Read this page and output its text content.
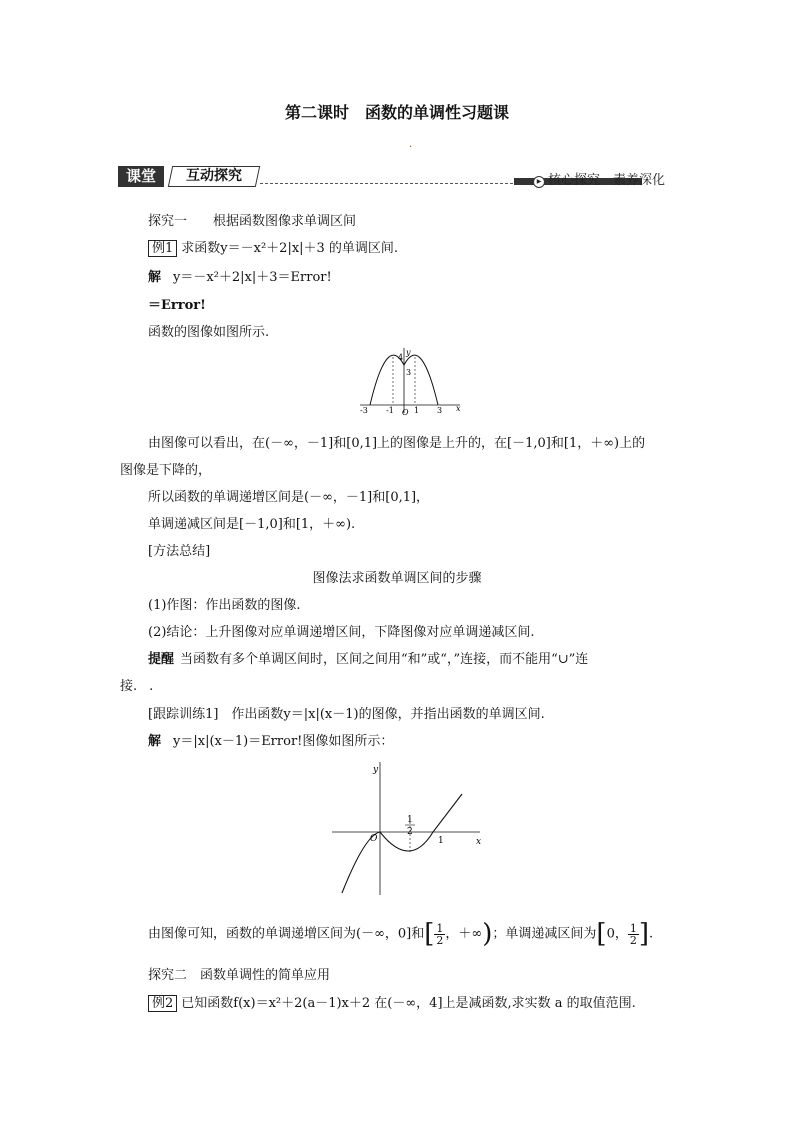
第二课时　函数的单调性习题课
·
课堂	互动探究	▶ 核心探究　素养深化
探究一　　根据函数图像求单调区间
例1 求函数y＝－x²＋2|x|＋3 的单调区间.
解 y＝－x²＋2|x|＋3＝Error!
＝Error!
函数的图像如图所示.
y
x
O
3
4
-3 -1	1 3
由图像可以看出，在(－∞，－1]和[0,1]上的图像是上升的，在[－1,0]和[1，＋∞)上的
图像是下降的，
所以函数的单调递增区间是(－∞，－1]和[0,1]，
单调递减区间是[－1,0]和[1，＋∞).
[方法总结]
图像法求函数单调区间的步骤
(1)作图：作出函数的图像.
(2)结论：上升图像对应单调递增区间，下降图像对应单调递减区间.
提醒 当函数有多个单调区间时，区间之间用“和”或“，”连接，而不能用“∪”连
接. .
[跟踪训练1]　作出函数y＝|x|(x－1)的图像，并指出函数的单调区间.
解 y＝|x|(x－1)＝Error!图像如图所示：
y
x
O
1
2
1
由图像可知，函数的单调递增区间为(－∞，0]和[ $\frac{1}{2}$ ，＋∞)；单调递减区间为[0， $\frac{1}{2}$ ].
探究二　函数单调性的简单应用
例2 已知函数f(x)＝x²＋2(a－1)x＋2 在(－∞，4]上是减函数,求实数 a 的取值范围.
